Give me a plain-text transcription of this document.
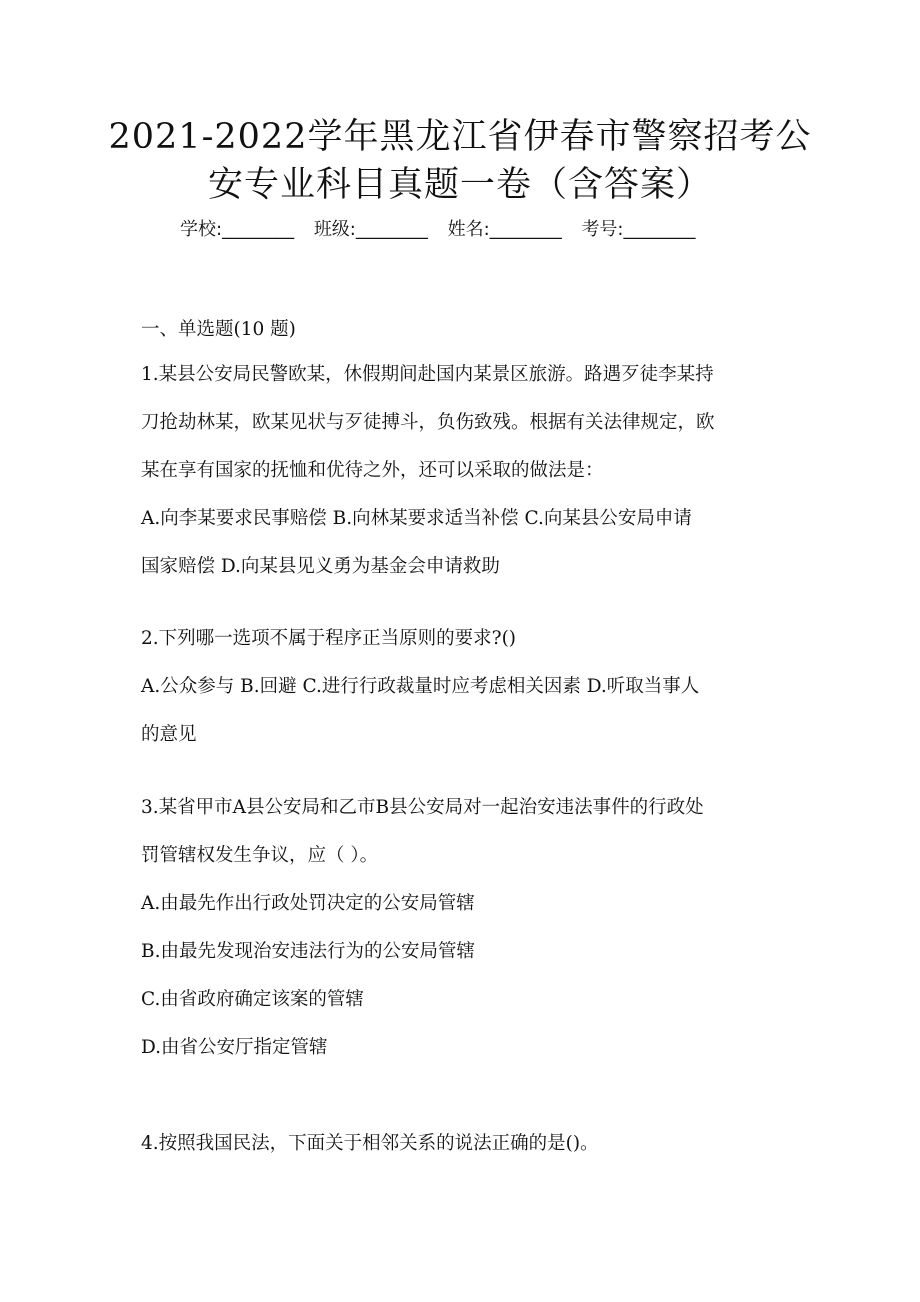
2021-2022学年黑龙江省伊春市警察招考公
安专业科目真题一卷（含答案）
学校:________ 班级:________ 姓名:________ 考号:________
一、单选题(10 题)
1.某县公安局民警欧某，休假期间赴国内某景区旅游。路遇歹徒李某持
刀抢劫林某，欧某见状与歹徒搏斗，负伤致残。根据有关法律规定，欧
某在享有国家的抚恤和优待之外，还可以采取的做法是：
A.向李某要求民事赔偿 B.向林某要求适当补偿 C.向某县公安局申请
国家赔偿 D.向某县见义勇为基金会申请救助
2.下列哪一选项不属于程序正当原则的要求?()
A.公众参与 B.回避 C.进行行政裁量时应考虑相关因素 D.听取当事人
的意见
3.某省甲市A县公安局和乙市B县公安局对一起治安违法事件的行政处
罚管辖权发生争议，应（ ）。
A.由最先作出行政处罚决定的公安局管辖
B.由最先发现治安违法行为的公安局管辖
C.由省政府确定该案的管辖
D.由省公安厅指定管辖
4.按照我国民法，下面关于相邻关系的说法正确的是()。
